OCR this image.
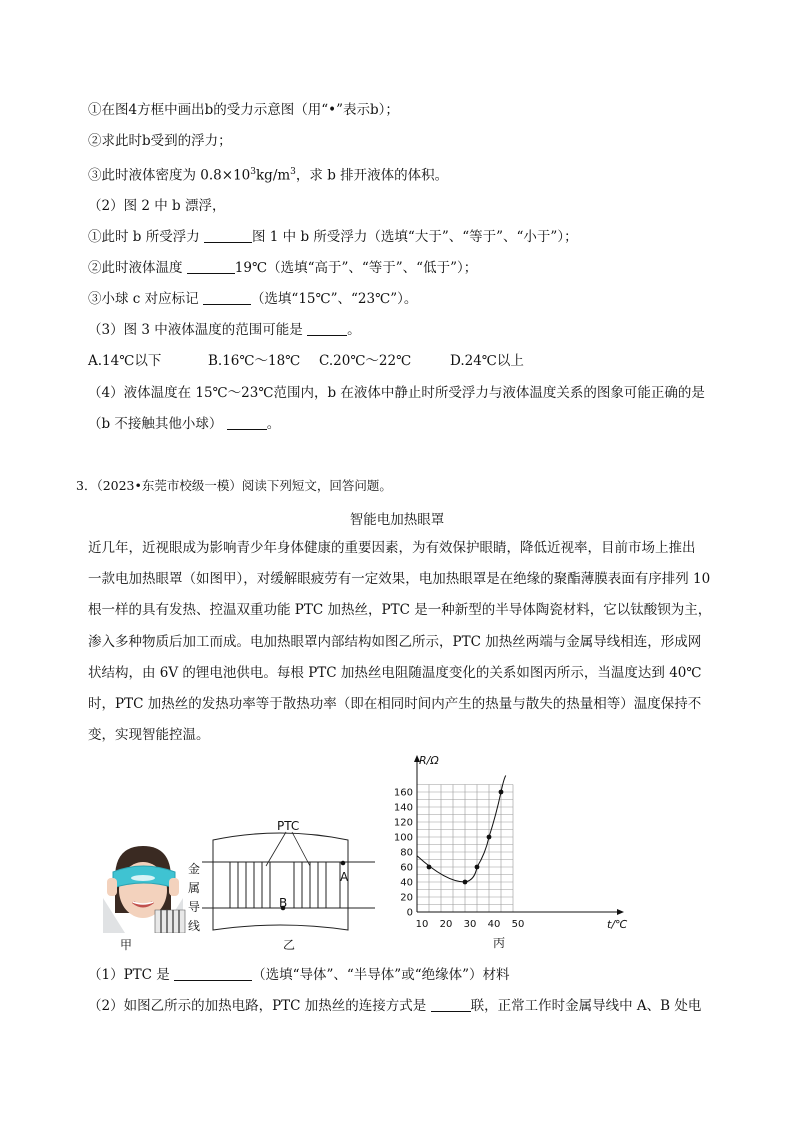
①在图4方框中画出b的受力示意图（用“•”表示b）；
②求此时b受到的浮力；
③此时液体密度为 $0.8\times 10^3kg/m^3$，求 b 排开液体的体积。
（2）图 2 中 b 漂浮，
①此时 b 所受浮力	图 1 中 b 所受浮力（选填“大于”、“等于”、“小于”）；
②此时液体温度	19℃（选填“高于”、“等于”、“低于”）；
③小球 c 对应标记	（选填“15℃”、“23℃”）。
（3）图 3 中液体温度的范围可能是	。
A.14℃以下	B.16℃～18℃ C.20℃～22℃	D.24℃以上
（4）液体温度在 15℃～23℃范围内，b 在液体中静止时所受浮力与液体温度关系的图象可能正确的是
（b 不接触其他小球）	。
3．（2023•东莞市校级一模）阅读下列短文，回答问题。
智能电加热眼罩
近几年，近视眼成为影响青少年身体健康的重要因素，为有效保护眼睛，降低近视率，目前市场上推出
一款电加热眼罩（如图甲），对缓解眼疲劳有一定效果，电加热眼罩是在绝缘的聚酯薄膜表面有序排列 10
根一样的具有发热、控温双重功能 PTC 加热丝，PTC 是一种新型的半导体陶瓷材料，它以钛酸钡为主，
渗入多种物质后加工而成。电加热眼罩内部结构如图乙所示，PTC 加热丝两端与金属导线相连，形成网
状结构，由 6V 的锂电池供电。每根 PTC 加热丝电阻随温度变化的关系如图丙所示，当温度达到 40℃
时，PTC 加热丝的发热功率等于散热功率（即在相同时间内产生的热量与散失的热量相等）温度保持不
变，实现智能控温。
甲
PTC
A
B
金
属
导
线
乙
0
20
40
60
80
100
120
140
160
10 20 30 40 50
R/Ω
t/℃
丙
（1）PTC 是	（选填“导体”、“半导体”或“绝缘体”）材料
（2）如图乙所示的加热电路，PTC 加热丝的连接方式是	联，正常工作时金属导线中 A、B 处电
